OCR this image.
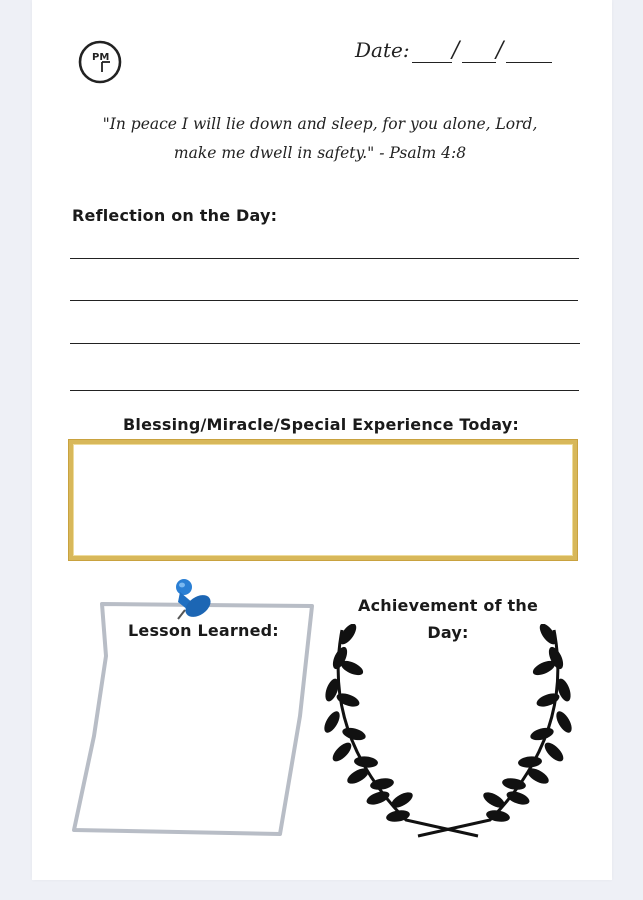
PM	Date: / /
"In peace I will lie down and sleep, for you alone, Lord,
make me dwell in safety." - Psalm 4:8
Reflection on the Day:
Blessing/Miracle/Special Experience Today:
Lesson Learned:
Achievement of the
Day:
